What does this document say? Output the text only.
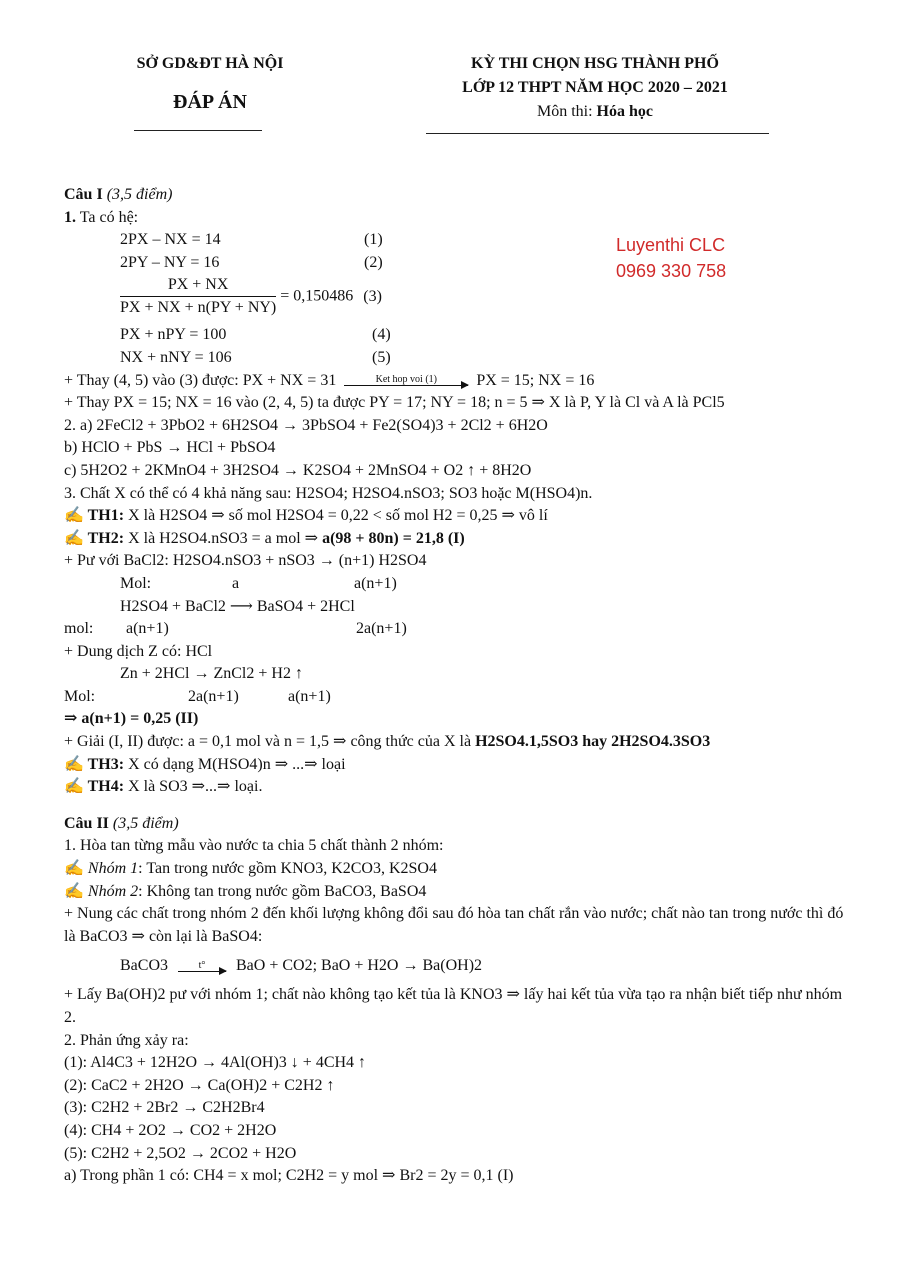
SỞ GD&ĐT HÀ NỘI
ĐÁP ÁN
KỲ THI CHỌN HSG THÀNH PHỐ
LỚP 12 THPT NĂM HỌC 2020 – 2021
Môn thi: Hóa học
Luyenthi CLC
0969 330 758
Câu I (3,5 điểm)
1. Ta có hệ:
2PX – NX = 14	(1)
2PY – NY = 16	(2)
$\frac{PX + NX}{PX + NX + n(PY + NY)} = 0,150486$ (3)
PX + nPY = 100	(4)
NX + nNY = 106	(5)
+ Thay (4, 5) vào (3) được: PX + NX = 31	Ket hop voi (1)	PX = 15; NX = 16
+ Thay PX = 15; NX = 16 vào (2, 4, 5) ta được PY = 17; NY = 18; n = 5 ⇒ X là P, Y là Cl và A là PCl5
2. a) 2FeCl2 + 3PbO2 + 6H2SO4 → 3PbSO4 + Fe2(SO4)3 + 2Cl2 + 6H2O
b) HClO + PbS → HCl + PbSO4
c) 5H2O2 + 2KMnO4 + 3H2SO4 → K2SO4 + 2MnSO4 + O2 ↑ + 8H2O
3. Chất X có thể có 4 khả năng sau: H2SO4; H2SO4.nSO3; SO3 hoặc M(HSO4)n.
✍ TH1: X là H2SO4 ⇒ số mol H2SO4 = 0,22 < số mol H2 = 0,25 ⇒ vô lí
✍ TH2: X là H2SO4.nSO3 = a mol ⇒ a(98 + 80n) = 21,8 (I)
+ Pư với BaCl2: H2SO4.nSO3 + nSO3 → (n+1) H2SO4
Mol:	a	a(n+1)
H2SO4 + BaCl2 ⟶ BaSO4 + 2HCl
mol: a(n+1)	2a(n+1)
+ Dung dịch Z có: HCl
Zn + 2HCl → ZnCl2 + H2 ↑
Mol:	2a(n+1)	a(n+1)
⇒ a(n+1) = 0,25 (II)
+ Giải (I, II) được: a = 0,1 mol và n = 1,5 ⇒ công thức của X là H2SO4.1,5SO3 hay 2H2SO4.3SO3
✍ TH3: X có dạng M(HSO4)n ⇒ ...⇒ loại
✍ TH4: X là SO3 ⇒...⇒ loại.
Câu II (3,5 điểm)
1. Hòa tan từng mẫu vào nước ta chia 5 chất thành 2 nhóm:
✍ Nhóm 1: Tan trong nước gồm KNO3, K2CO3, K2SO4
✍ Nhóm 2: Không tan trong nước gồm BaCO3, BaSO4
+ Nung các chất trong nhóm 2 đến khối lượng không đổi sau đó hòa tan chất rắn vào nước; chất nào tan trong nước thì đó là BaCO3 ⇒ còn lại là BaSO4:
BaCO3	t°	BaO + CO2; BaO + H2O → Ba(OH)2
+ Lấy Ba(OH)2 pư với nhóm 1; chất nào không tạo kết tủa là KNO3 ⇒ lấy hai kết tủa vừa tạo ra nhận biết tiếp như nhóm 2.
2. Phản ứng xảy ra:
(1): Al4C3 + 12H2O → 4Al(OH)3 ↓ + 4CH4 ↑
(2): CaC2 + 2H2O → Ca(OH)2 + C2H2 ↑
(3): C2H2 + 2Br2 → C2H2Br4
(4): CH4 + 2O2 → CO2 + 2H2O
(5): C2H2 + 2,5O2 → 2CO2 + H2O
a) Trong phần 1 có: CH4 = x mol; C2H2 = y mol ⇒ Br2 = 2y = 0,1 (I)
